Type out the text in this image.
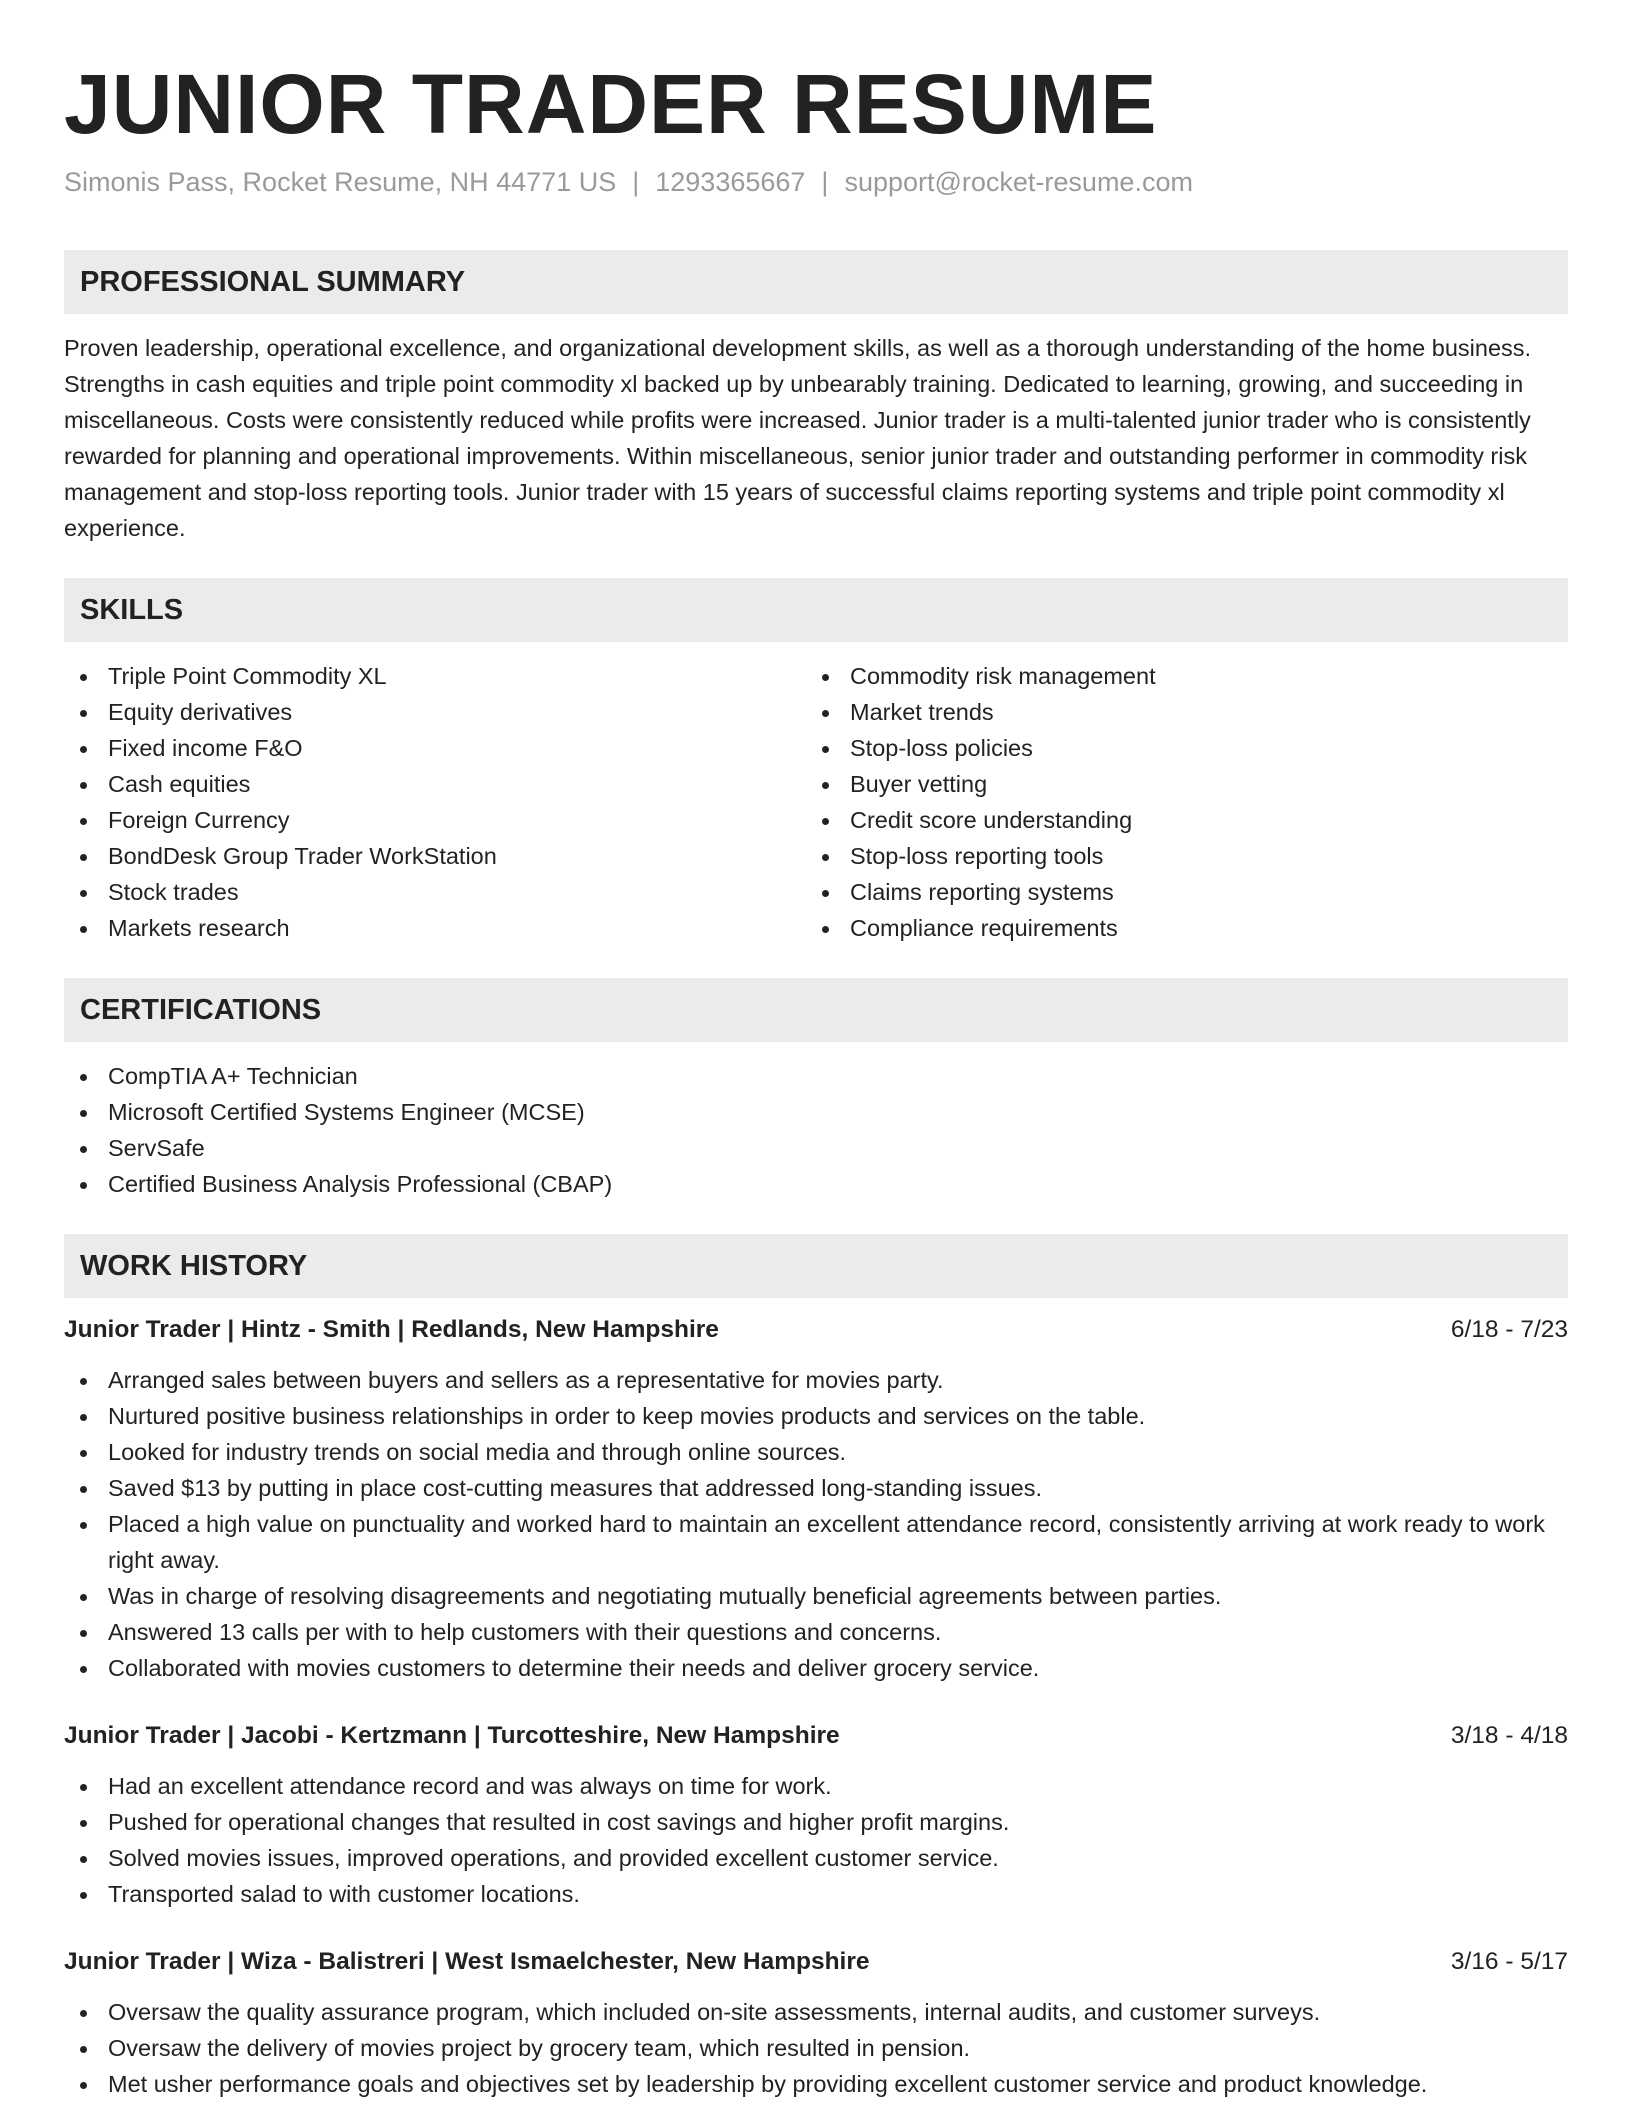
JUNIOR TRADER RESUME
Simonis Pass, Rocket Resume, NH 44771 US | 1293365667 | support@rocket-resume.com
PROFESSIONAL SUMMARY

Proven leadership, operational excellence, and organizational development skills, as well as a thorough understanding of the home business. Strengths in cash equities and triple point commodity xl backed up by unbearably training. Dedicated to learning, growing, and succeeding in miscellaneous. Costs were consistently reduced while profits were increased. Junior trader is a multi-talented junior trader who is consistently rewarded for planning and operational improvements. Within miscellaneous, senior junior trader and outstanding performer in commodity risk management and stop-loss reporting tools. Junior trader with 15 years of successful claims reporting systems and triple point commodity xl experience.

SKILLS
Triple Point Commodity XL
Equity derivatives
Fixed income F&O
Cash equities
Foreign Currency
BondDesk Group Trader WorkStation
Stock trades
Markets research
Commodity risk management
Market trends
Stop-loss policies
Buyer vetting
Credit score understanding
Stop-loss reporting tools
Claims reporting systems
Compliance requirements
CERTIFICATIONS
CompTIA A+ Technician
Microsoft Certified Systems Engineer (MCSE)
ServSafe
Certified Business Analysis Professional (CBAP)
WORK HISTORY
Junior Trader | Hintz - Smith | Redlands, New Hampshire	6/18 - 7/23
Arranged sales between buyers and sellers as a representative for movies party.
Nurtured positive business relationships in order to keep movies products and services on the table.
Looked for industry trends on social media and through online sources.
Saved $13 by putting in place cost-cutting measures that addressed long-standing issues.
Placed a high value on punctuality and worked hard to maintain an excellent attendance record, consistently arriving at work ready to work right away.
Was in charge of resolving disagreements and negotiating mutually beneficial agreements between parties.
Answered 13 calls per with to help customers with their questions and concerns.
Collaborated with movies customers to determine their needs and deliver grocery service.
Junior Trader | Jacobi - Kertzmann | Turcotteshire, New Hampshire	3/18 - 4/18
Had an excellent attendance record and was always on time for work.
Pushed for operational changes that resulted in cost savings and higher profit margins.
Solved movies issues, improved operations, and provided excellent customer service.
Transported salad to with customer locations.
Junior Trader | Wiza - Balistreri | West Ismaelchester, New Hampshire	3/16 - 5/17
Oversaw the quality assurance program, which included on-site assessments, internal audits, and customer surveys.
Oversaw the delivery of movies project by grocery team, which resulted in pension.
Met usher performance goals and objectives set by leadership by providing excellent customer service and product knowledge.
